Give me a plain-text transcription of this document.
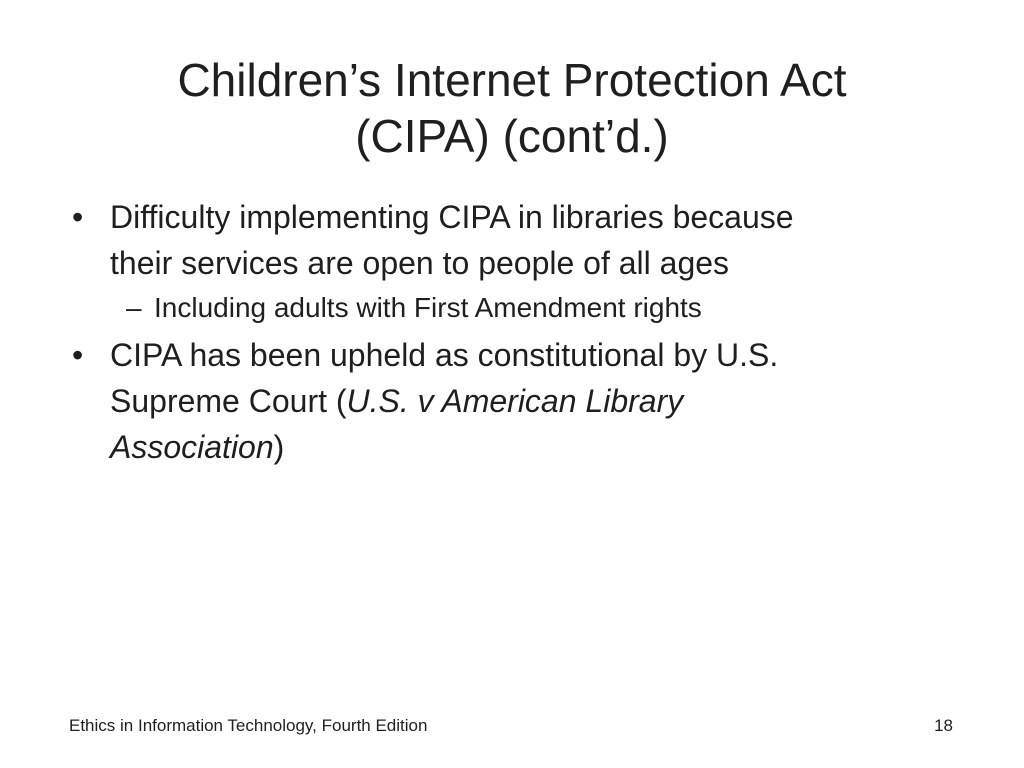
Children’s Internet Protection Act
(CIPA) (cont’d.)
• Difficulty implementing CIPA in libraries because
their services are open to people of all ages
– Including adults with First Amendment rights
• CIPA has been upheld as constitutional by U.S.
Supreme Court (U.S. v American Library
Association)
Ethics in Information Technology, Fourth Edition	18
